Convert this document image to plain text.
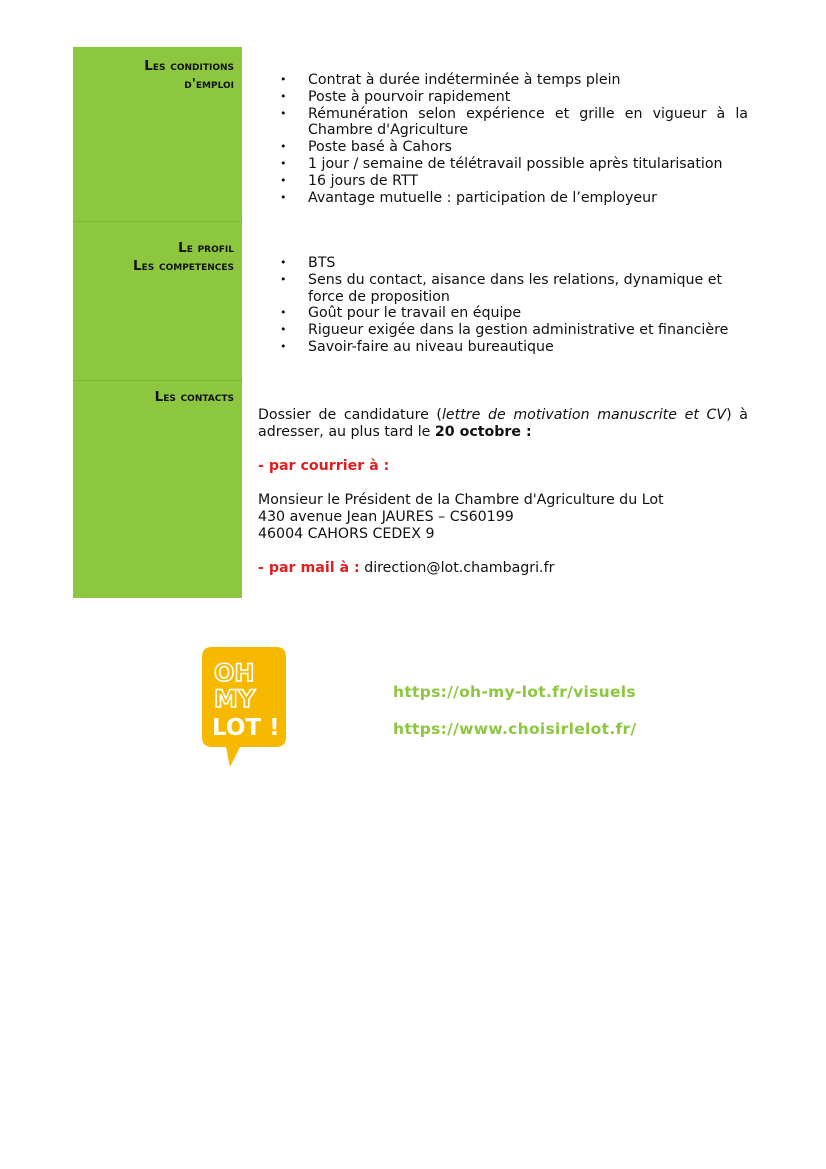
Les conditions
d'emploi
Le profil
Les competences
Les contacts
• Contrat à durée indéterminée à temps plein
• Poste à pourvoir rapidement
• Rémunération selon expérience et grille en vigueur à la Chambre d'Agriculture
• Poste basé à Cahors
• 1 jour / semaine de télétravail possible après titularisation
• 16 jours de RTT
• Avantage mutuelle : participation de l’employeur
• BTS
• Sens du contact, aisance dans les relations, dynamique et force de proposition
• Goût pour le travail en équipe
• Rigueur exigée dans la gestion administrative et financière
• Savoir-faire au niveau bureautique

Dossier de candidature (lettre de motivation manuscrite et CV) à adresser, au plus tard le 20 octobre :

- par courrier à :

Monsieur le Président de la Chambre d'Agriculture du Lot

430 avenue Jean JAURES – CS60199

46004 CAHORS CEDEX 9

- par mail à : direction@lot.chambagri.fr

OH
MY
LOT !
https://oh-my-lot.fr/visuels
https://www.choisirlelot.fr/
